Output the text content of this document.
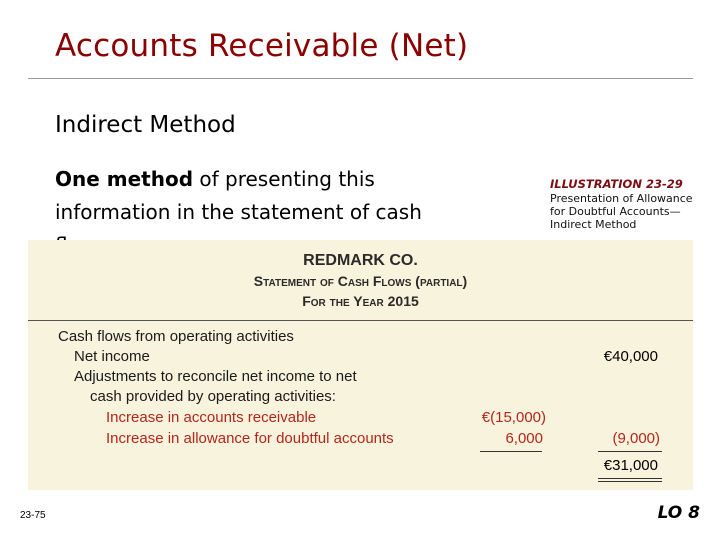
Accounts Receivable (Net)
Indirect Method
One method of presenting this information in the statement of cash
ILLUSTRATION 23-29
Presentation of Allowance for Doubtful Accounts—Indirect Method
REDMARK CO.
Statement of Cash Flows (partial)
For the Year 2015
Cash flows from operating activities
Net income
Adjustments to reconcile net income to net
cash provided by operating activities:
Increase in accounts receivable
Increase in allowance for doubtful accounts
€40,000
€(15,000)
6,000	(9,000)
€31,000
23-75	LO 8
